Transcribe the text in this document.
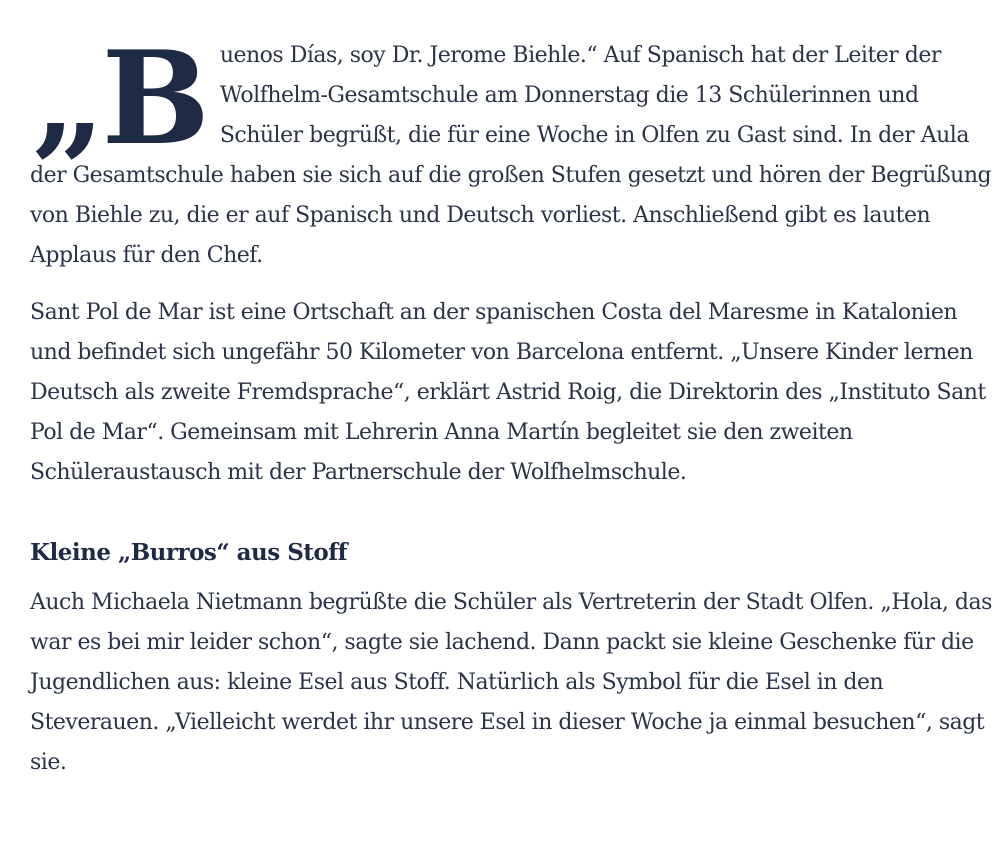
„Buenos Días, soy Dr. Jerome Biehle.“ Auf Spanisch hat der Leiter der Wolfhelm-Gesamtschule am Donnerstag die 13 Schülerinnen und Schüler begrüßt, die für eine Woche in Olfen zu Gast sind. In der Aula der Gesamtschule haben sie sich auf die großen Stufen gesetzt und hören der Begrüßung von Biehle zu, die er auf Spanisch und Deutsch vorliest. Anschließend gibt es lauten Applaus für den Chef.

Sant Pol de Mar ist eine Ortschaft an der spanischen Costa del Maresme in Katalonien und befindet sich ungefähr 50 Kilometer von Barcelona entfernt. „Unsere Kinder lernen Deutsch als zweite Fremdsprache“, erklärt Astrid Roig, die Direktorin des „Instituto Sant Pol de Mar“. Gemeinsam mit Lehrerin Anna Martín begleitet sie den zweiten Schüleraustausch mit der Partnerschule der Wolfhelmschule.

Kleine „Burros“ aus Stoff

Auch Michaela Nietmann begrüßte die Schüler als Vertreterin der Stadt Olfen. „Hola, das war es bei mir leider schon“, sagte sie lachend. Dann packt sie kleine Geschenke für die Jugendlichen aus: kleine Esel aus Stoff. Natürlich als Symbol für die Esel in den Steverauen. „Vielleicht werdet ihr unsere Esel in dieser Woche ja einmal besuchen“, sagt sie.
